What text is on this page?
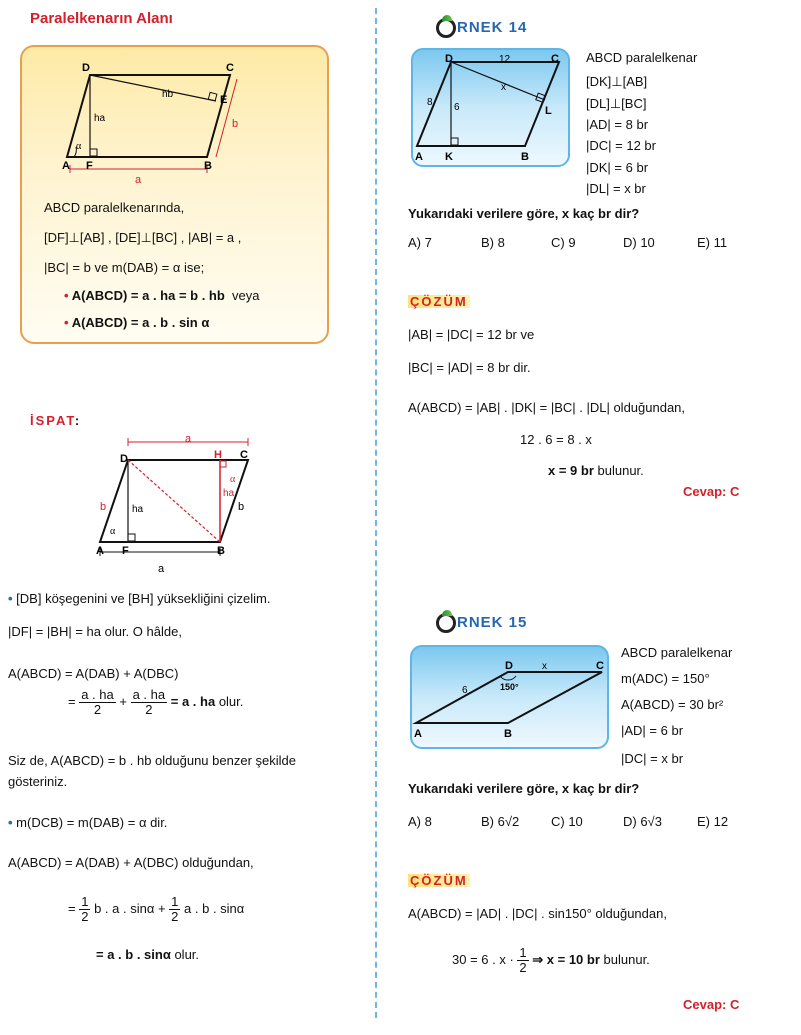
Paralelkenarın Alanı
D	C
E
A F	B
hb
ha
α
a
b
ABCD paralelkenarında,
[DF]⊥[AB] , [DE]⊥[BC] , |AB| = a ,
|BC| = b ve m(DAB) = α ise;
• A(ABCD) = a . ha = b . hb veya
• A(ABCD) = a . b . sin α
İSPAT:
D	H C
A F	B
a
a
b	b
ha
ha
α
α
• [DB] köşegenini ve [BH] yüksekliğini çizelim.
|DF| = |BH| = ha olur. O hâlde,
A(ABCD) = A(DAB) + A(DBC)
= $\frac{a . ha}{2} + \frac{a . ha}{2} = a$ . ha olur.
Siz de, A(ABCD) = b . hb olduğunu benzer şekilde
gösteriniz.
• m(DCB) = m(DAB) = α dir.
A(ABCD) = A(DAB) + A(DBC) olduğundan,
= $\frac{1}{2}$ b . a . $\sin\alpha + \frac{1}{2}$ a . b . sinα
= a . b . sinα olur.
RNEK 14
D	C
12
x
8 6	L
A K	B
ABCD paralelkenar
[DK]⊥[AB]
[DL]⊥[BC]
|AD| = 8 br
|DC| = 12 br
|DK| = 6 br
|DL| = x br
Yukarıdaki verilere göre, x kaç br dir?
A) 7	B) 8	C) 9	D) 10	E) 11
ÇÖZÜM
|AB| = |DC| = 12 br ve
|BC| = |AD| = 8 br dir.
A(ABCD) = |AB| . |DK| = |BC| . |DL| olduğundan,
12 . 6 = 8 . x
x = 9 br bulunur.
Cevap: C
RNEK 15
D	C
x
6	150°
A	B
ABCD paralelkenar
m(ADC) = 150°
A(ABCD) = 30 br²
|AD| = 6 br
|DC| = x br
Yukarıdaki verilere göre, x kaç br dir?
A) 8	B) 6√2 C) 10	D) 6√3	E) 12
ÇÖZÜM
A(ABCD) = |AD| . |DC| . sin150° olduğundan,
30 = 6 . $x \cdot \frac{1}{2}$ ⇒ x = 10 br bulunur.
Cevap: C
